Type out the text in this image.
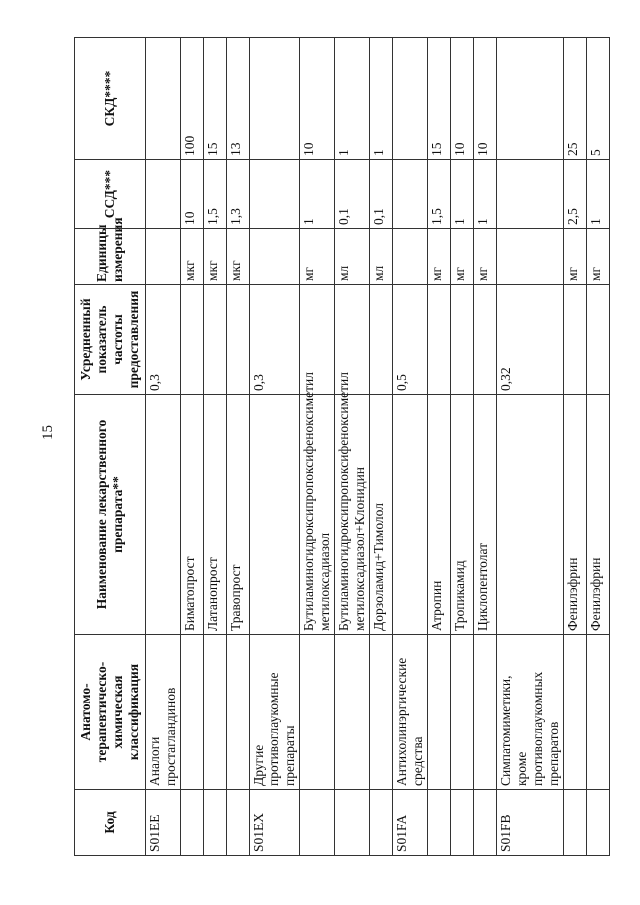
15
Код	Анатомо-терапевтическо-химическая классификация	Наименование лекарственного препарата**	Усредненный показатель частоты предоставления	Единицы измерения	ССД***	СКД****
S01EE	Аналоги простагландинов		0,3			
		Биматопрост		мкг	10	100
		Латанопрост		мкг	1,5	15
		Травопрост		мкг	1,3	13
S01EX	Другие противоглаукомные препараты		0,3			
		Бутиламиногидроксипропоксифеноксиметил метилоксадиазол		мг	1	10
		Бутиламиногидроксипропоксифеноксиметил метилоксадиазол+Клонидин		мл	0,1	1
		Дорзоламид+Тимолол		мл	0,1	1
S01FA	Антихолинэргические средства		0,5			
		Атропин		мг	1,5	15
		Тропикамид		мг	1	10
		Циклопентолат		мг	1	10
S01FB	Симпатомиметики, кроме противоглаукомных препаратов		0,32			
		Фенилэфрин		мг	2,5	25
		Фенилэфрин		мг	1	5
